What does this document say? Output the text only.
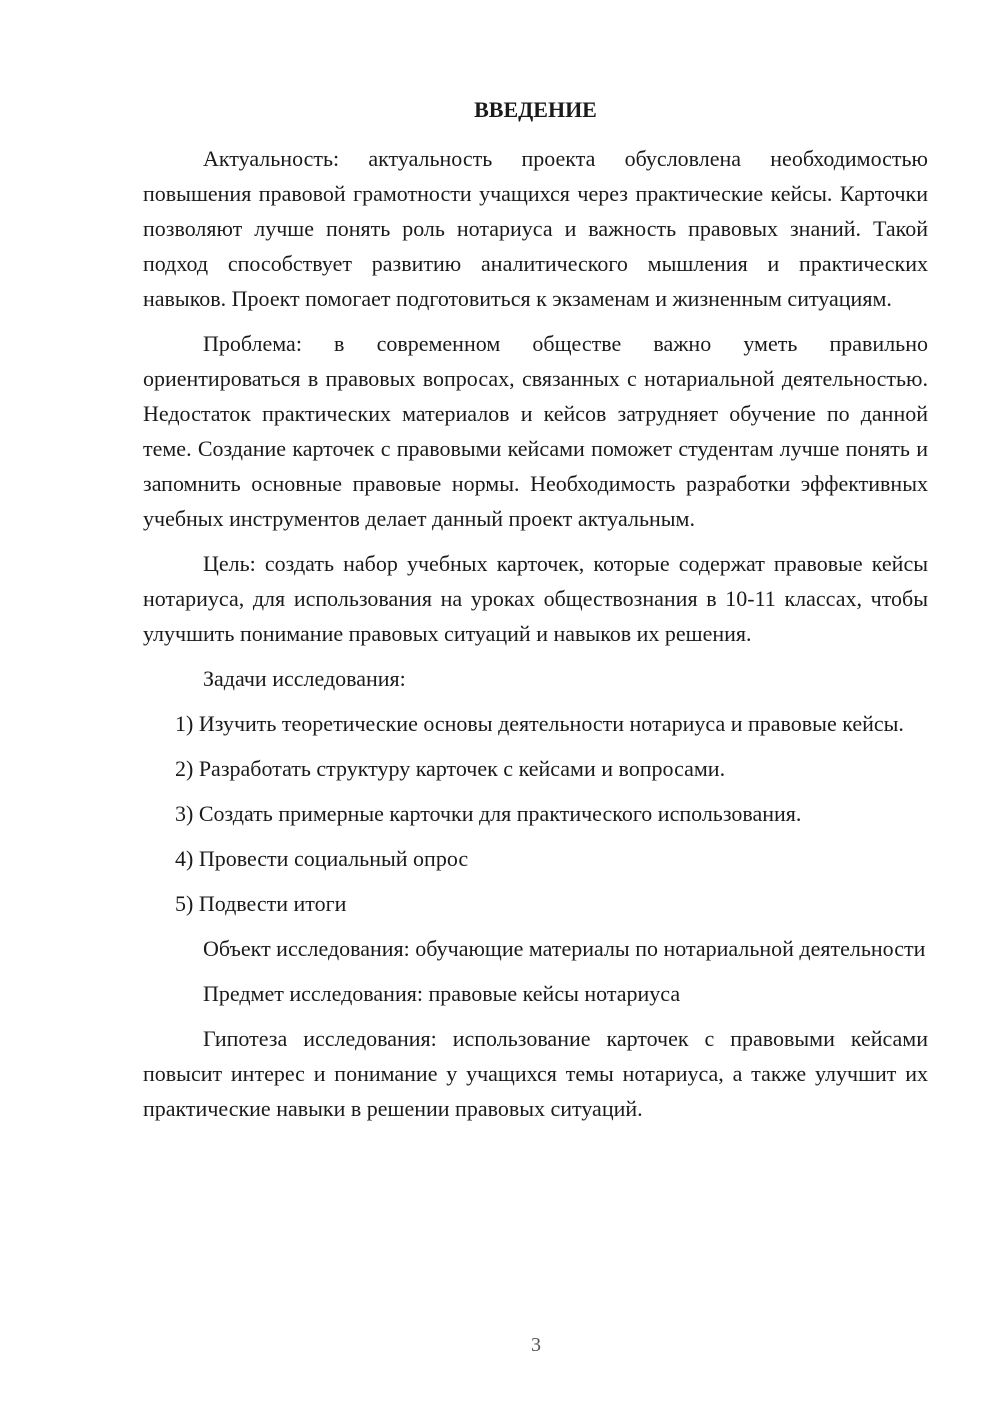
ВВЕДЕНИЕ

Актуальность: актуальность проекта обусловлена необходимостью повышения правовой грамотности учащихся через практические кейсы. Карточки позволяют лучше понять роль нотариуса и важность правовых знаний. Такой подход способствует развитию аналитического мышления и практических навыков. Проект помогает подготовиться к экзаменам и жизненным ситуациям.

Проблема: в современном обществе важно уметь правильно ориентироваться в правовых вопросах, связанных с нотариальной деятельностью. Недостаток практических материалов и кейсов затрудняет обучение по данной теме. Создание карточек с правовыми кейсами поможет студентам лучше понять и запомнить основные правовые нормы. Необходимость разработки эффективных учебных инструментов делает данный проект актуальным.

Цель: создать набор учебных карточек, которые содержат правовые кейсы нотариуса, для использования на уроках обществознания в 10-11 классах, чтобы улучшить понимание правовых ситуаций и навыков их решения.

Задачи исследования:

1) Изучить теоретические основы деятельности нотариуса и правовые кейсы.

2) Разработать структуру карточек с кейсами и вопросами.

3) Создать примерные карточки для практического использования.

4) Провести социальный опрос

5) Подвести итоги

Объект исследования: обучающие материалы по нотариальной деятельности

Предмет исследования: правовые кейсы нотариуса

Гипотеза исследования: использование карточек с правовыми кейсами повысит интерес и понимание у учащихся темы нотариуса, а также улучшит их практические навыки в решении правовых ситуаций.

3
